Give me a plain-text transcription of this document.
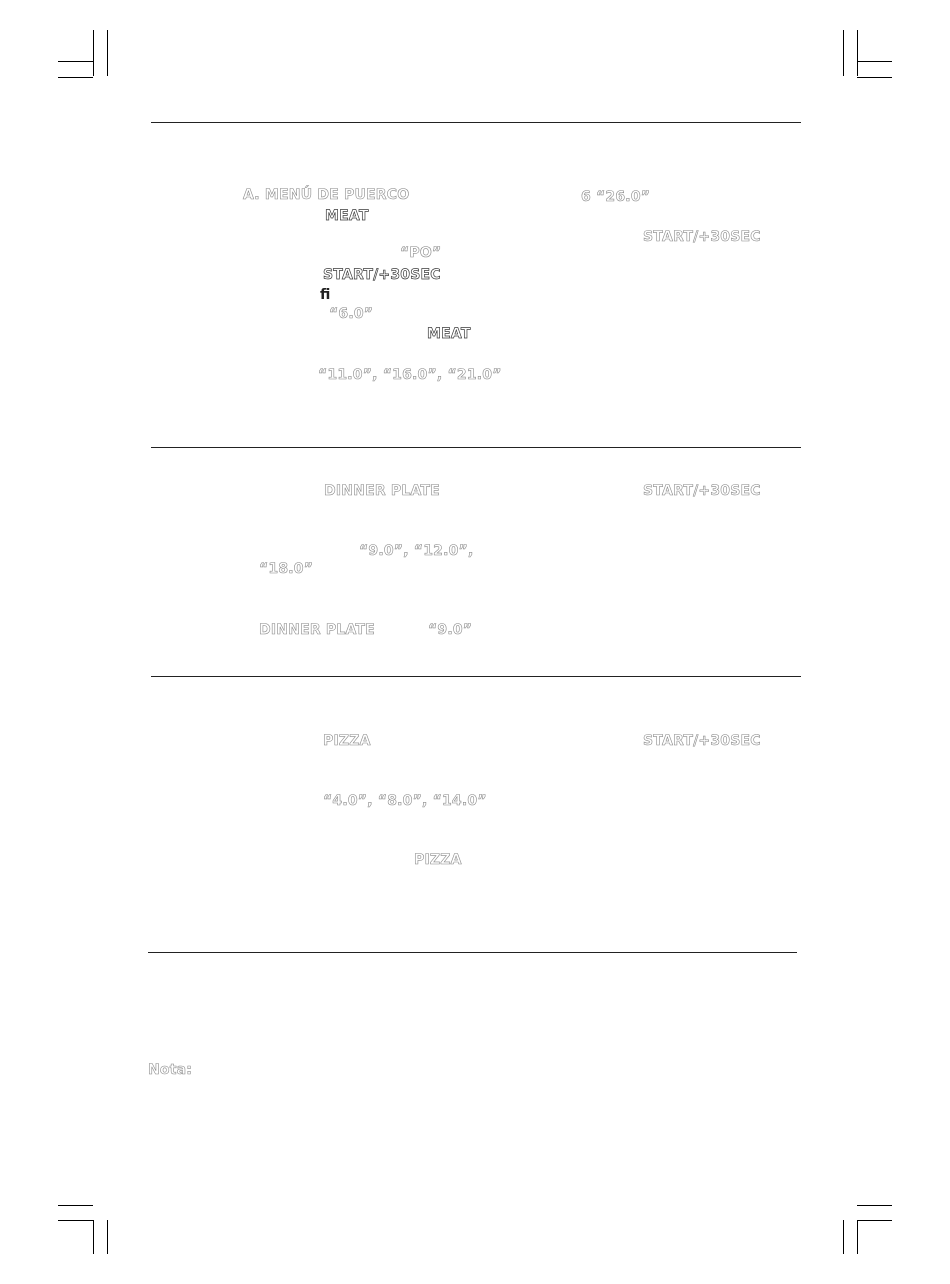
A. MENÚ DE PUERCO
MEAT
“PO”
START/+30SEC
ﬁ
“6.0”
MEAT
“11.0”, “16.0”, “21.0”
6 “26.0”
START/+30SEC
DINNER PLATE	START/+30SEC
“9.0”, “12.0”,
“18.0”
DINNER PLATE	“9.0”
PIZZA	START/+30SEC
“4.0”, “8.0”, “14.0”
PIZZA
Nota:
